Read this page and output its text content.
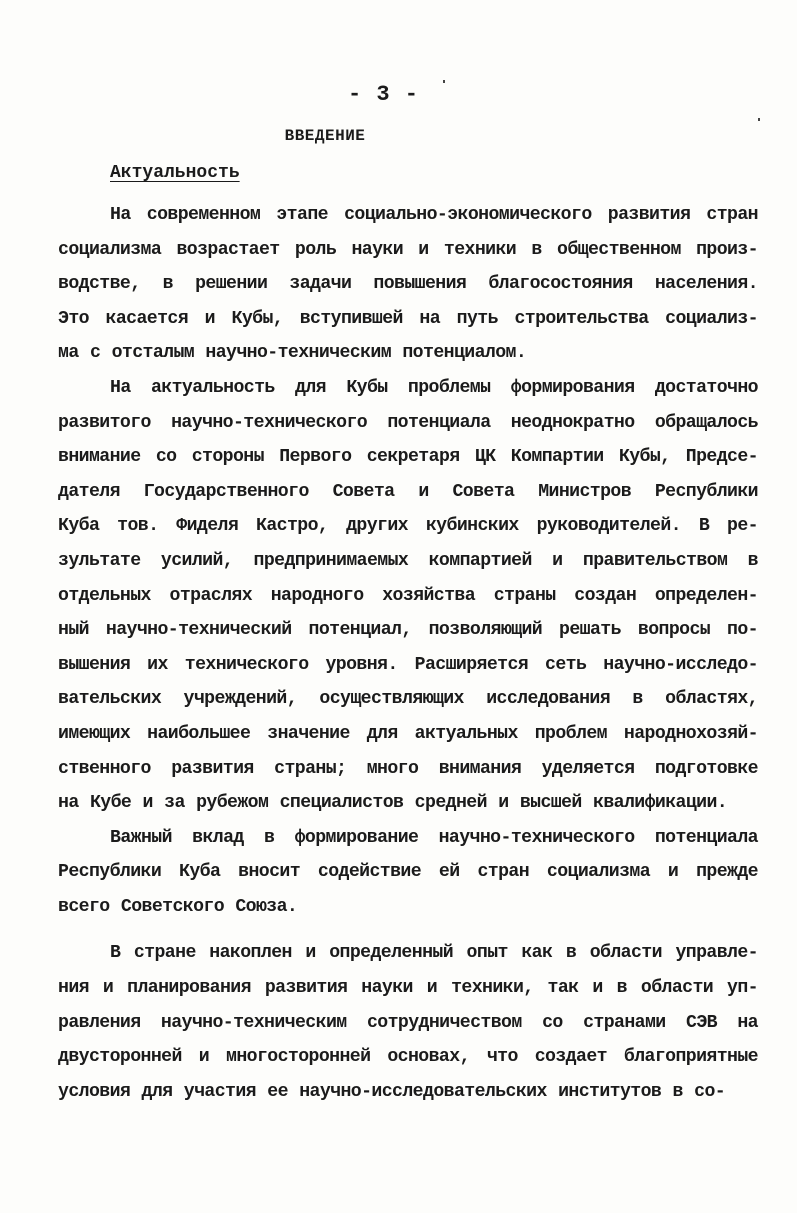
- 3 -
ВВЕДЕНИЕ
Актуальность
На современном этапе социально-экономического развития стран
социализма возрастает роль науки и техники в общественном произ-
водстве, в решении задачи повышения благосостояния населения.
Это касается и Кубы, вступившей на путь строительства социализ-
ма с отсталым научно-техническим потенциалом.
На актуальность для Кубы проблемы формирования достаточно
развитого научно-технического потенциала неоднократно обращалось
внимание со стороны Первого секретаря ЦК Компартии Кубы, Предсе-
дателя Государственного Совета и Совета Министров Республики
Куба тов. Фиделя Кастро, других кубинских руководителей. В ре-
зультате усилий, предпринимаемых компартией и правительством в
отдельных отраслях народного хозяйства страны создан определен-
ный научно-технический потенциал, позволяющий решать вопросы по-
вышения их технического уровня. Расширяется сеть научно-исследо-
вательских учреждений, осуществляющих исследования в областях,
имеющих наибольшее значение для актуальных проблем народнохозяй-
ственного развития страны; много внимания уделяется подготовке
на Кубе и за рубежом специалистов средней и высшей квалификации.
Важный вклад в формирование научно-технического потенциала
Республики Куба вносит содействие ей стран социализма и прежде
всего Советского Союза.
В стране накоплен и определенный опыт как в области управле-
ния и планирования развития науки и техники, так и в области уп-
равления научно-техническим сотрудничеством со странами СЭВ на
двусторонней и многосторонней основах, что создает благоприятные
условия для участия ее научно-исследовательских институтов в со-
